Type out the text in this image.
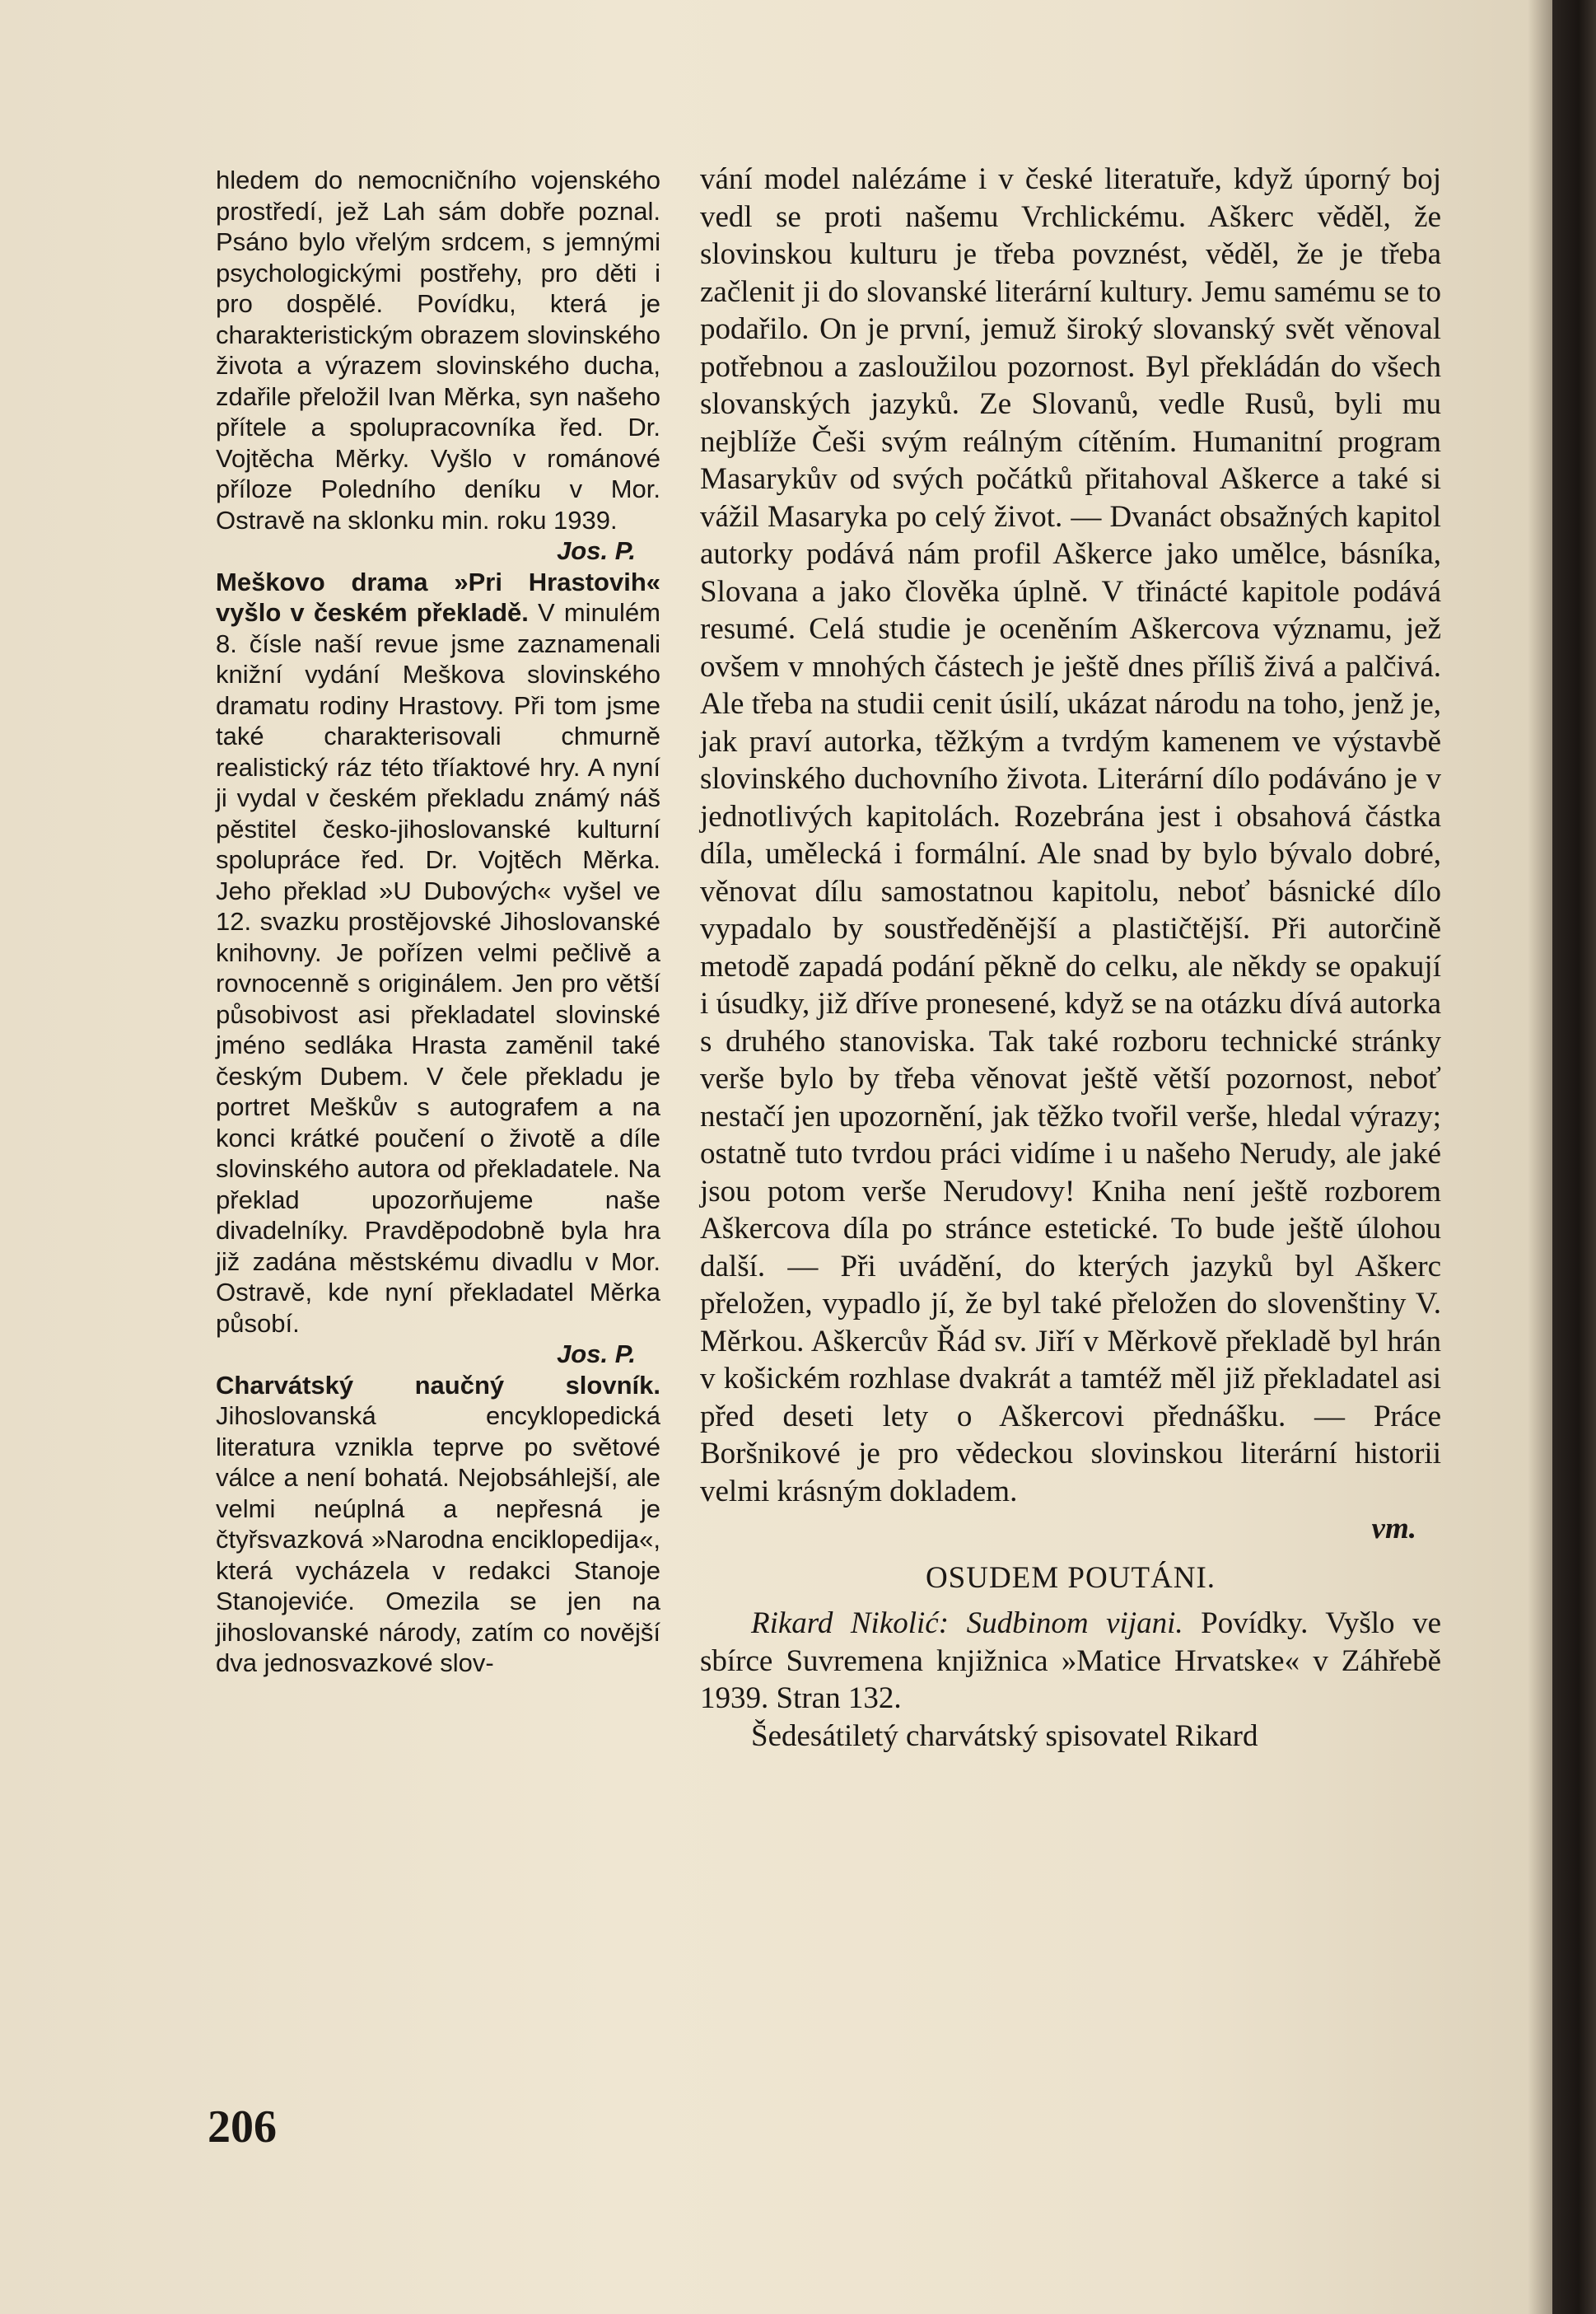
hledem do nemocničního vojenského prostředí, jež Lah sám dobře poznal. Psáno bylo vřelým srdcem, s jemnými psychologickými postřehy, pro děti i pro dospělé. Povídku, která je charakteristickým obrazem slovinského života a výrazem slovinského ducha, zdařile přeložil Ivan Měrka, syn našeho přítele a spolupracovníka řed. Dr. Vojtěcha Měrky. Vyšlo v románové příloze Poledního deníku v Mor. Ostravě na sklonku min. roku 1939.

Jos. P.

Meškovo drama »Pri Hrastovih« vyšlo v českém překladě. V minulém 8. čísle naší revue jsme zaznamenali knižní vydání Meškova slovinského dramatu rodiny Hrastovy. Při tom jsme také charakterisovali chmurně realistický ráz této tříaktové hry. A nyní ji vydal v českém překladu známý náš pěstitel česko-jihoslovanské kulturní spolupráce řed. Dr. Vojtěch Měrka. Jeho překlad »U Dubových« vyšel ve 12. svazku prostějovské Jihoslovanské knihovny. Je pořízen velmi pečlivě a rovnocenně s originálem. Jen pro větší působivost asi překladatel slovinské jméno sedláka Hrasta zaměnil také českým Dubem. V čele překladu je portret Meškův s autografem a na konci krátké poučení o životě a díle slovinského autora od překladatele. Na překlad upozorňujeme naše divadelníky. Pravděpodobně byla hra již zadána městskému divadlu v Mor. Ostravě, kde nyní překladatel Měrka působí.

Jos. P.

Charvátský naučný slovník. Jihoslovanská encyklopedická literatura vznikla teprve po světové válce a není bohatá. Nejobsáhlejší, ale velmi neúplná a nepřesná je čtyřsvazková »Narodna enciklopedija«, která vycházela v redakci Stanoje Stanojeviće. Omezila se jen na jihoslovanské národy, zatím co novější dva jednosvazkové slov-

vání model nalézáme i v české literatuře, když úporný boj vedl se proti našemu Vrchlickému. Aškerc věděl, že slovinskou kulturu je třeba povznést, věděl, že je třeba začlenit ji do slovanské literární kultury. Jemu samému se to podařilo. On je první, jemuž široký slovanský svět věnoval potřebnou a zasloužilou pozornost. Byl překládán do všech slovanských jazyků. Ze Slovanů, vedle Rusů, byli mu nejblíže Češi svým reálným cítěním. Humanitní program Masarykův od svých počátků přitahoval Aškerce a také si vážil Masaryka po celý život. — Dvanáct obsažných kapitol autorky podává nám profil Aškerce jako umělce, básníka, Slovana a jako člověka úplně. V třinácté kapitole podává resumé. Celá studie je oceněním Aškercova významu, jež ovšem v mnohých částech je ještě dnes příliš živá a palčivá. Ale třeba na studii cenit úsilí, ukázat národu na toho, jenž je, jak praví autorka, těžkým a tvrdým kamenem ve výstavbě slovinského duchovního života. Literární dílo podáváno je v jednotlivých kapitolách. Rozebrána jest i obsahová částka díla, umělecká i formální. Ale snad by bylo bývalo dobré, věnovat dílu samostatnou kapitolu, neboť básnické dílo vypadalo by soustředěnější a plastičtější. Při autorčině metodě zapadá podání pěkně do celku, ale někdy se opakují i úsudky, již dříve pronesené, když se na otázku dívá autorka s druhého stanoviska. Tak také rozboru technické stránky verše bylo by třeba věnovat ještě větší pozornost, neboť nestačí jen upozornění, jak těžko tvořil verše, hledal výrazy; ostatně tuto tvrdou práci vidíme i u našeho Nerudy, ale jaké jsou potom verše Nerudovy! Kniha není ještě rozborem Aškercova díla po stránce estetické. To bude ještě úlohou další. — Při uvádění, do kterých jazyků byl Aškerc přeložen, vypadlo jí, že byl také přeložen do slovenštiny V. Měrkou. Aškercův Řád sv. Jiří v Měrkově překladě byl hrán v košickém rozhlase dvakrát a tamtéž měl již překladatel asi před deseti lety o Aškercovi přednášku. — Práce Boršnikové je pro vědeckou slovinskou literární historii velmi krásným dokladem.

vm.

OSUDEM POUTÁNI.

Rikard Nikolić: Sudbinom vijani. Povídky. Vyšlo ve sbírce Suvremena knjižnica »Matice Hrvatske« v Záhřebě 1939. Stran 132.

Šedesátiletý charvátský spisovatel Rikard

206
